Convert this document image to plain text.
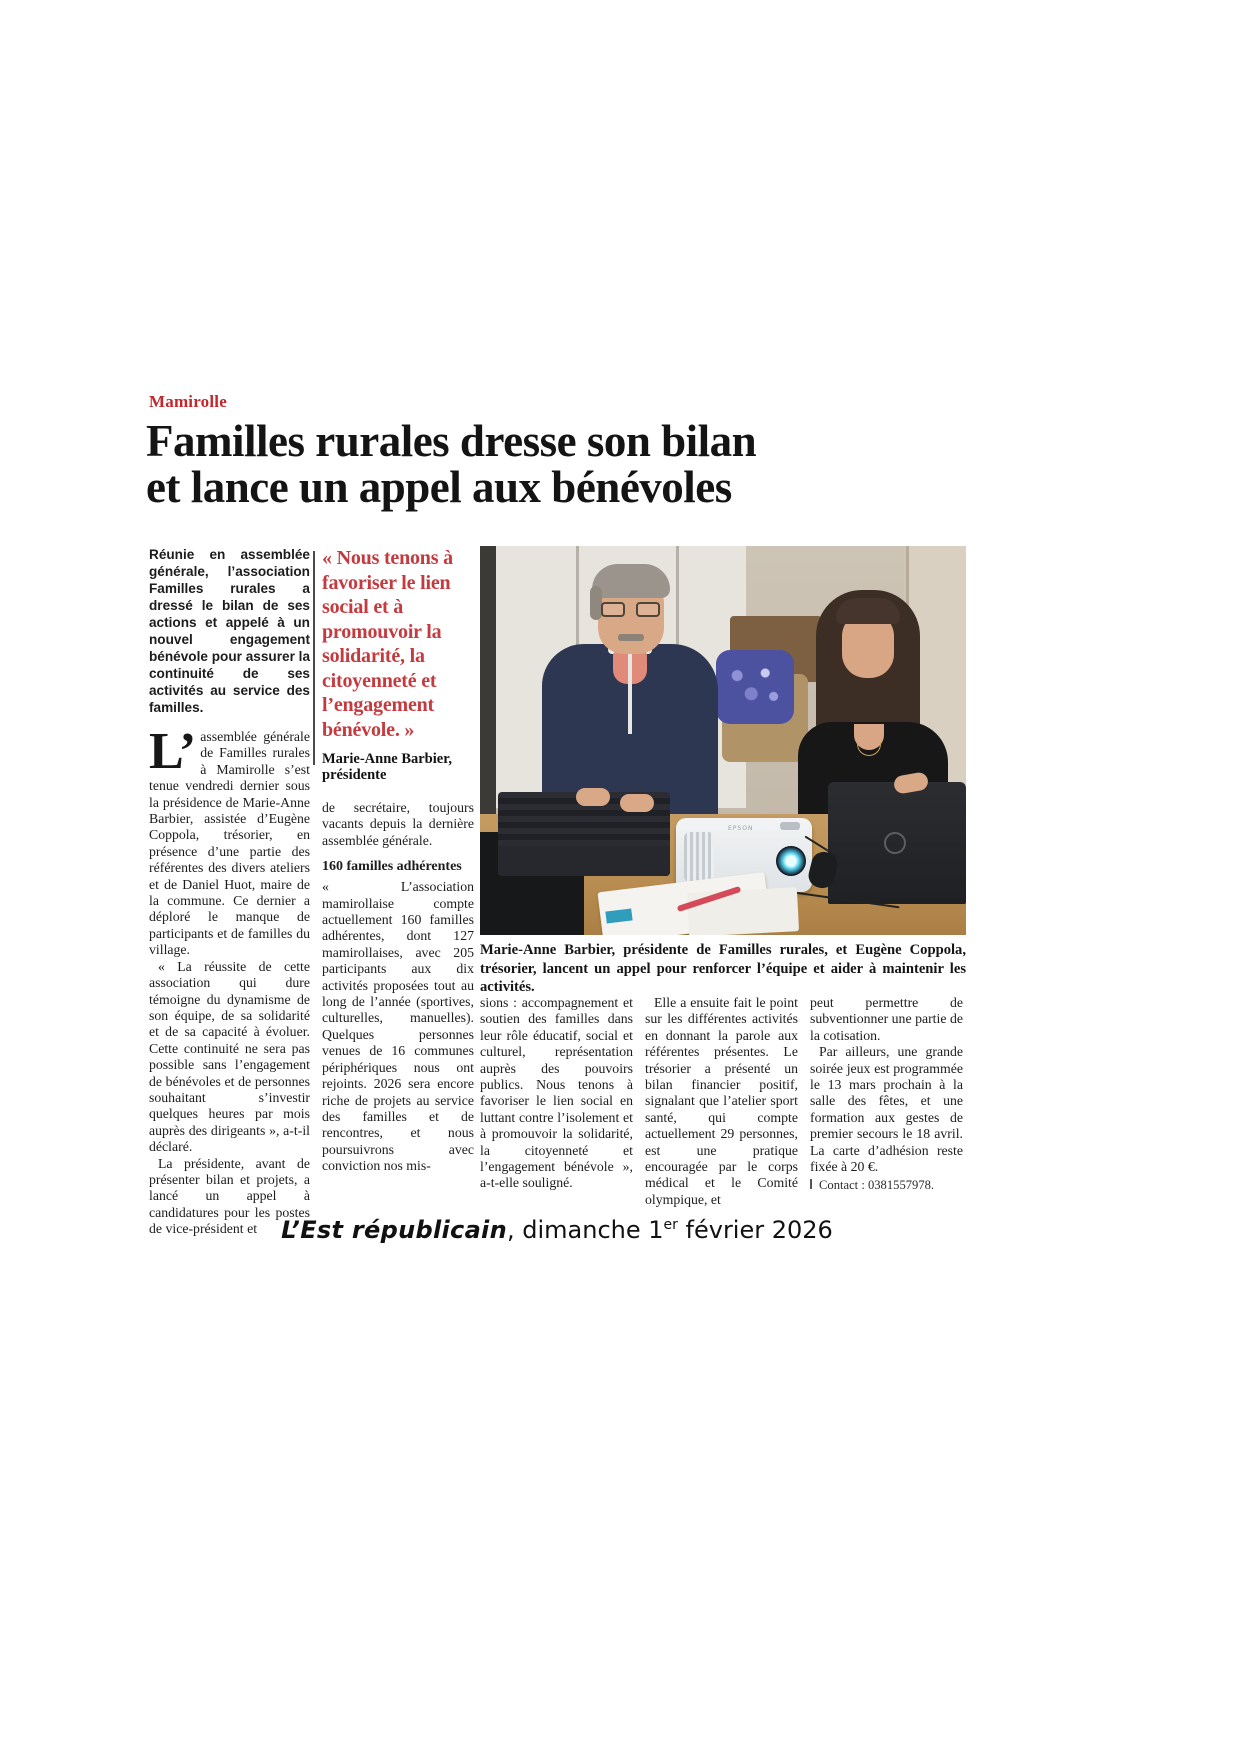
Mamirolle
Familles rurales dresse son bilan
et lance un appel aux bénévoles

Réunie en assemblée générale, l’association Familles rurales a dressé le bilan de ses actions et appelé à un nouvel engagement bénévole pour assurer la continuité de ses activités au service des familles.

L’ assemblée générale de Familles rurales à Mamirolle s’est tenue vendredi dernier sous la présidence de Marie-Anne Barbier, assistée d’Eugène Coppola, trésorier, en présence d’une partie des référentes des divers ateliers et de Daniel Huot, maire de la commune. Ce dernier a déploré le manque de participants et de familles du village.

« La réussite de cette association qui dure témoigne du dynamisme de son équipe, de sa solidarité et de sa capacité à évoluer. Cette continuité ne sera pas possible sans l’engagement de bénévoles et de personnes souhaitant s’investir quelques heures par mois auprès des dirigeants », a-t-il déclaré.

La présidente, avant de présenter bilan et projets, a lancé un appel à candidatures pour les postes de vice-président et

« Nous tenons à favoriser le lien social et à promouvoir la solidarité, la citoyenneté et l’engagement bénévole. »
Marie-Anne Barbier,
présidente

de secrétaire, toujours vacants depuis la dernière assemblée générale.

160 familles adhérentes

« L’association mamirollaise compte actuellement 160 familles adhérentes, dont 127 mamirollaises, avec 205 participants aux dix activités proposées tout au long de l’année (sportives, culturelles, manuelles). Quelques personnes venues de 16 communes périphériques nous ont rejoints. 2026 sera encore riche de projets au service des familles et de rencontres, et nous poursuivrons avec conviction nos mis-

EPSON

Marie-Anne Barbier, présidente de Familles rurales, et Eugène Coppola, trésorier, lancent un appel pour renforcer l’équipe et aider à maintenir les activités.

sions : accompagnement et soutien des familles dans leur rôle éducatif, social et culturel, représentation auprès des pouvoirs publics. Nous tenons à favoriser le lien social en luttant contre l’isolement et à promouvoir la solidarité, la citoyenneté et l’engagement bénévole », a-t-elle souligné.

Elle a ensuite fait le point sur les différentes activités en donnant la parole aux référentes présentes. Le trésorier a présenté un bilan financier positif, signalant que l’atelier sport santé, qui compte actuellement 29 personnes, est une pratique encouragée par le corps médical et le Comité olympique, et

peut permettre de subventionner une partie de la cotisation.

Par ailleurs, une grande soirée jeux est programmée le 13 mars prochain à la salle des fêtes, et une formation aux gestes de premier secours le 18 avril. La carte d’adhésion reste fixée à 20 €.

Contact : 0381557978.

L’Est républicain, dimanche 1er février 2026
